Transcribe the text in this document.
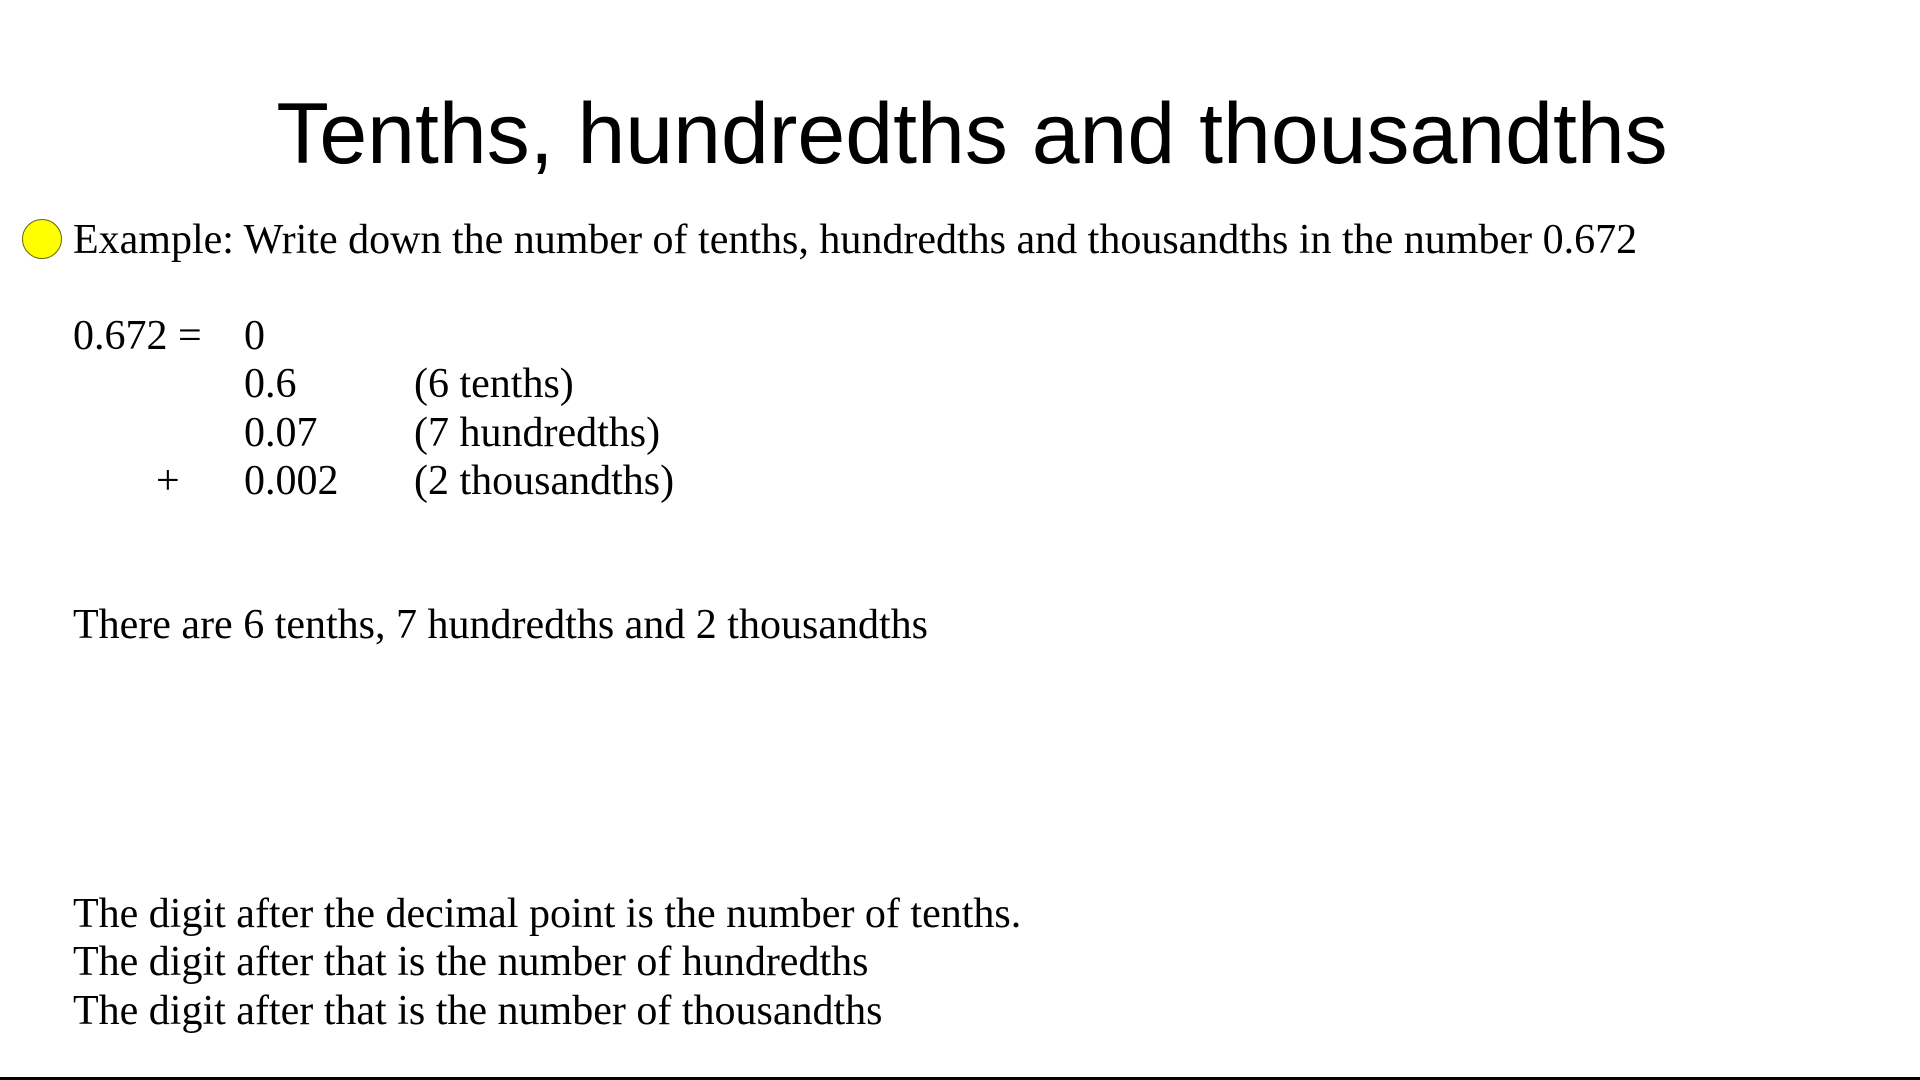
Tenths, hundredths and thousandths
Example: Write down the number of tenths, hundredths and thousandths in the number 0.672
0.672 = 0
0.6	(6 tenths)
0.07 (7 hundredths)
+ 0.002 (2 thousandths)
There are 6 tenths, 7 hundredths and 2 thousandths
The digit after the decimal point is the number of tenths.
The digit after that is the number of hundredths
The digit after that is the number of thousandths
